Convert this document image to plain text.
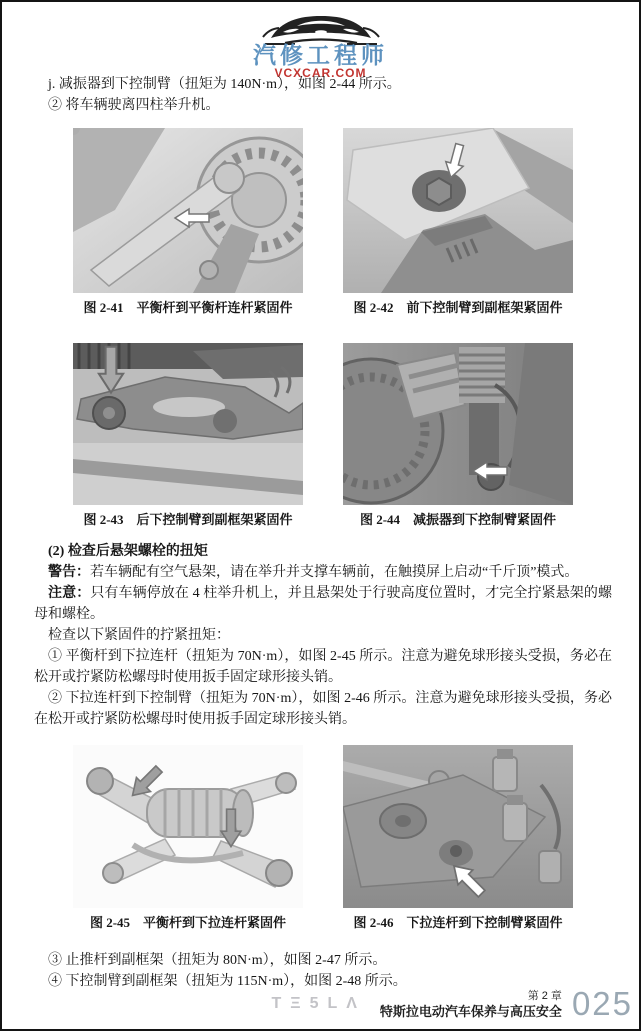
汽修工程师
VCXCAR.COM

j. 减振器到下控制臂（扭矩为 140N·m），如图 2-44 所示。

② 将车辆驶离四柱举升机。

图 2-41　平衡杆到平衡杆连杆紧固件	图 2-42　前下控制臂到副框架紧固件
图 2-43　后下控制臂到副框架紧固件	图 2-44　减振器到下控制臂紧固件

(2) 检查后悬架螺栓的扭矩

警告：若车辆配有空气悬架，请在举升并支撑车辆前，在触摸屏上启动“千斤顶”模式。

注意：只有车辆停放在 4 柱举升机上，并且悬架处于行驶高度位置时，才完全拧紧悬架的螺母和螺栓。

检查以下紧固件的拧紧扭矩：

① 平衡杆到下拉连杆（扭矩为 70N·m），如图 2-45 所示。注意为避免球形接头受损，务必在松开或拧紧防松螺母时使用扳手固定球形接头销。

② 下拉连杆到下控制臂（扭矩为 70N·m），如图 2-46 所示。注意为避免球形接头受损，务必在松开或拧紧防松螺母时使用扳手固定球形接头销。

图 2-45　平衡杆到下拉连杆紧固件	图 2-46　下拉连杆到下控制臂紧固件

③ 止推杆到副框架（扭矩为 80N·m），如图 2-47 所示。

④ 下控制臂到副框架（扭矩为 115N·m），如图 2-48 所示。

TΞ5LΛ	第 2 章
特斯拉电动汽车保养与高压安全 025
